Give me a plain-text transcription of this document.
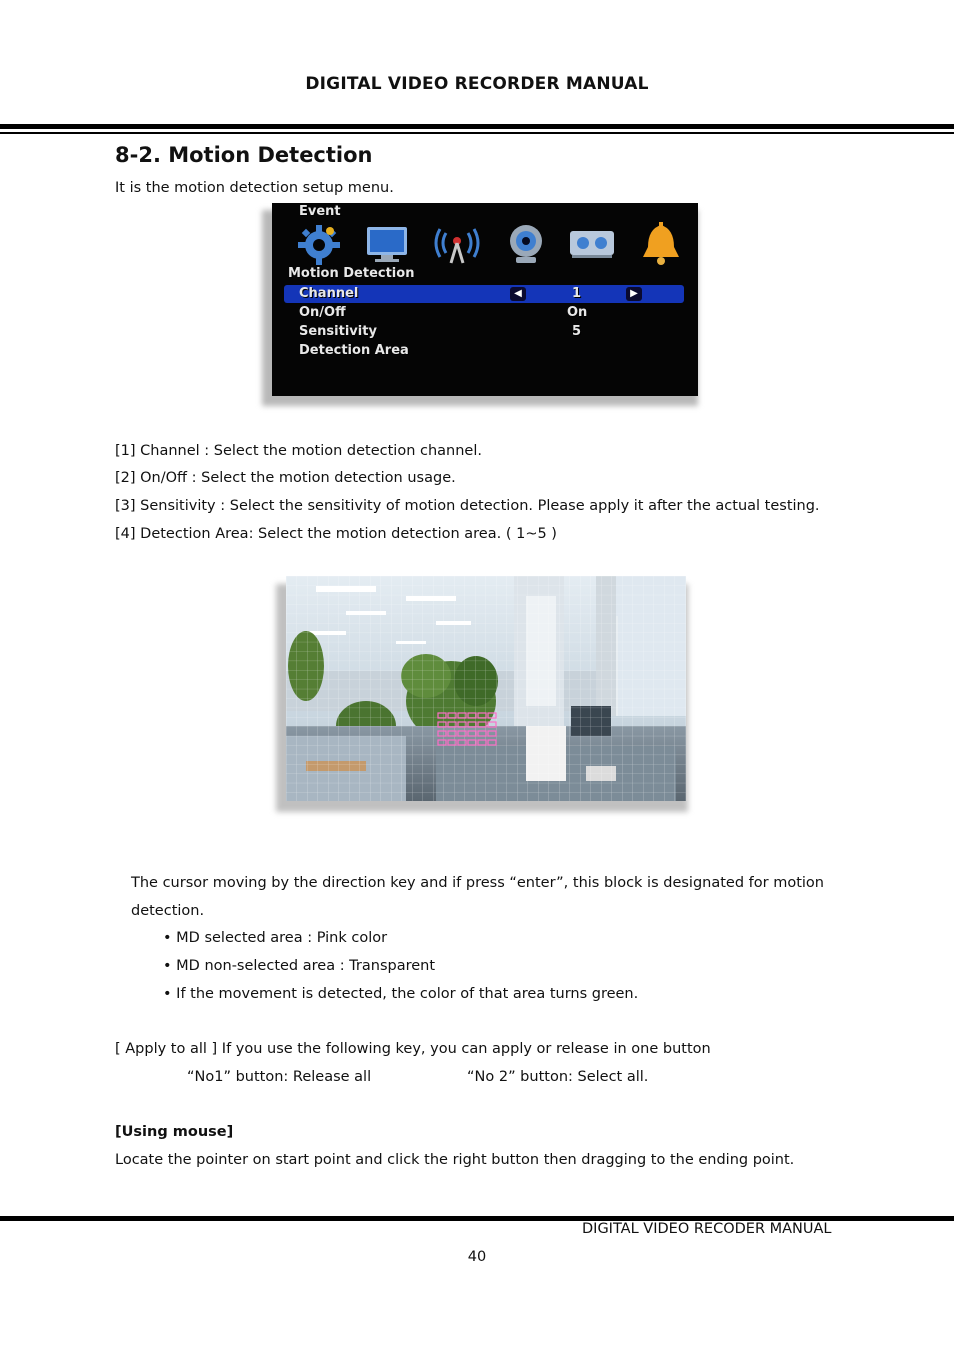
DIGITAL VIDEO RECORDER MANUAL
8-2. Motion Detection
It is the motion detection setup menu.
Event
Motion Detection
◀	▶
Channel	1
On/Off	On
Sensitivity	5
Detection Area
[1] Channel : Select the motion detection channel.
[2] On/Off : Select the motion detection usage.
[3] Sensitivity : Select the sensitivity of motion detection. Please apply it after the actual testing.
[4] Detection Area: Select the motion detection area. ( 1~5 )
The cursor moving by the direction key and if press “enter”, this block is designated for motion
detection.
• MD selected area : Pink color
• MD non-selected area : Transparent
• If the movement is detected, the color of that area turns green.
[ Apply to all ] If you use the following key, you can apply or release in one button
“No1” button: Release all	“No 2” button: Select all.
[Using mouse]
Locate the pointer on start point and click the right button then dragging to the ending point.
DIGITAL VIDEO RECODER MANUAL
40
